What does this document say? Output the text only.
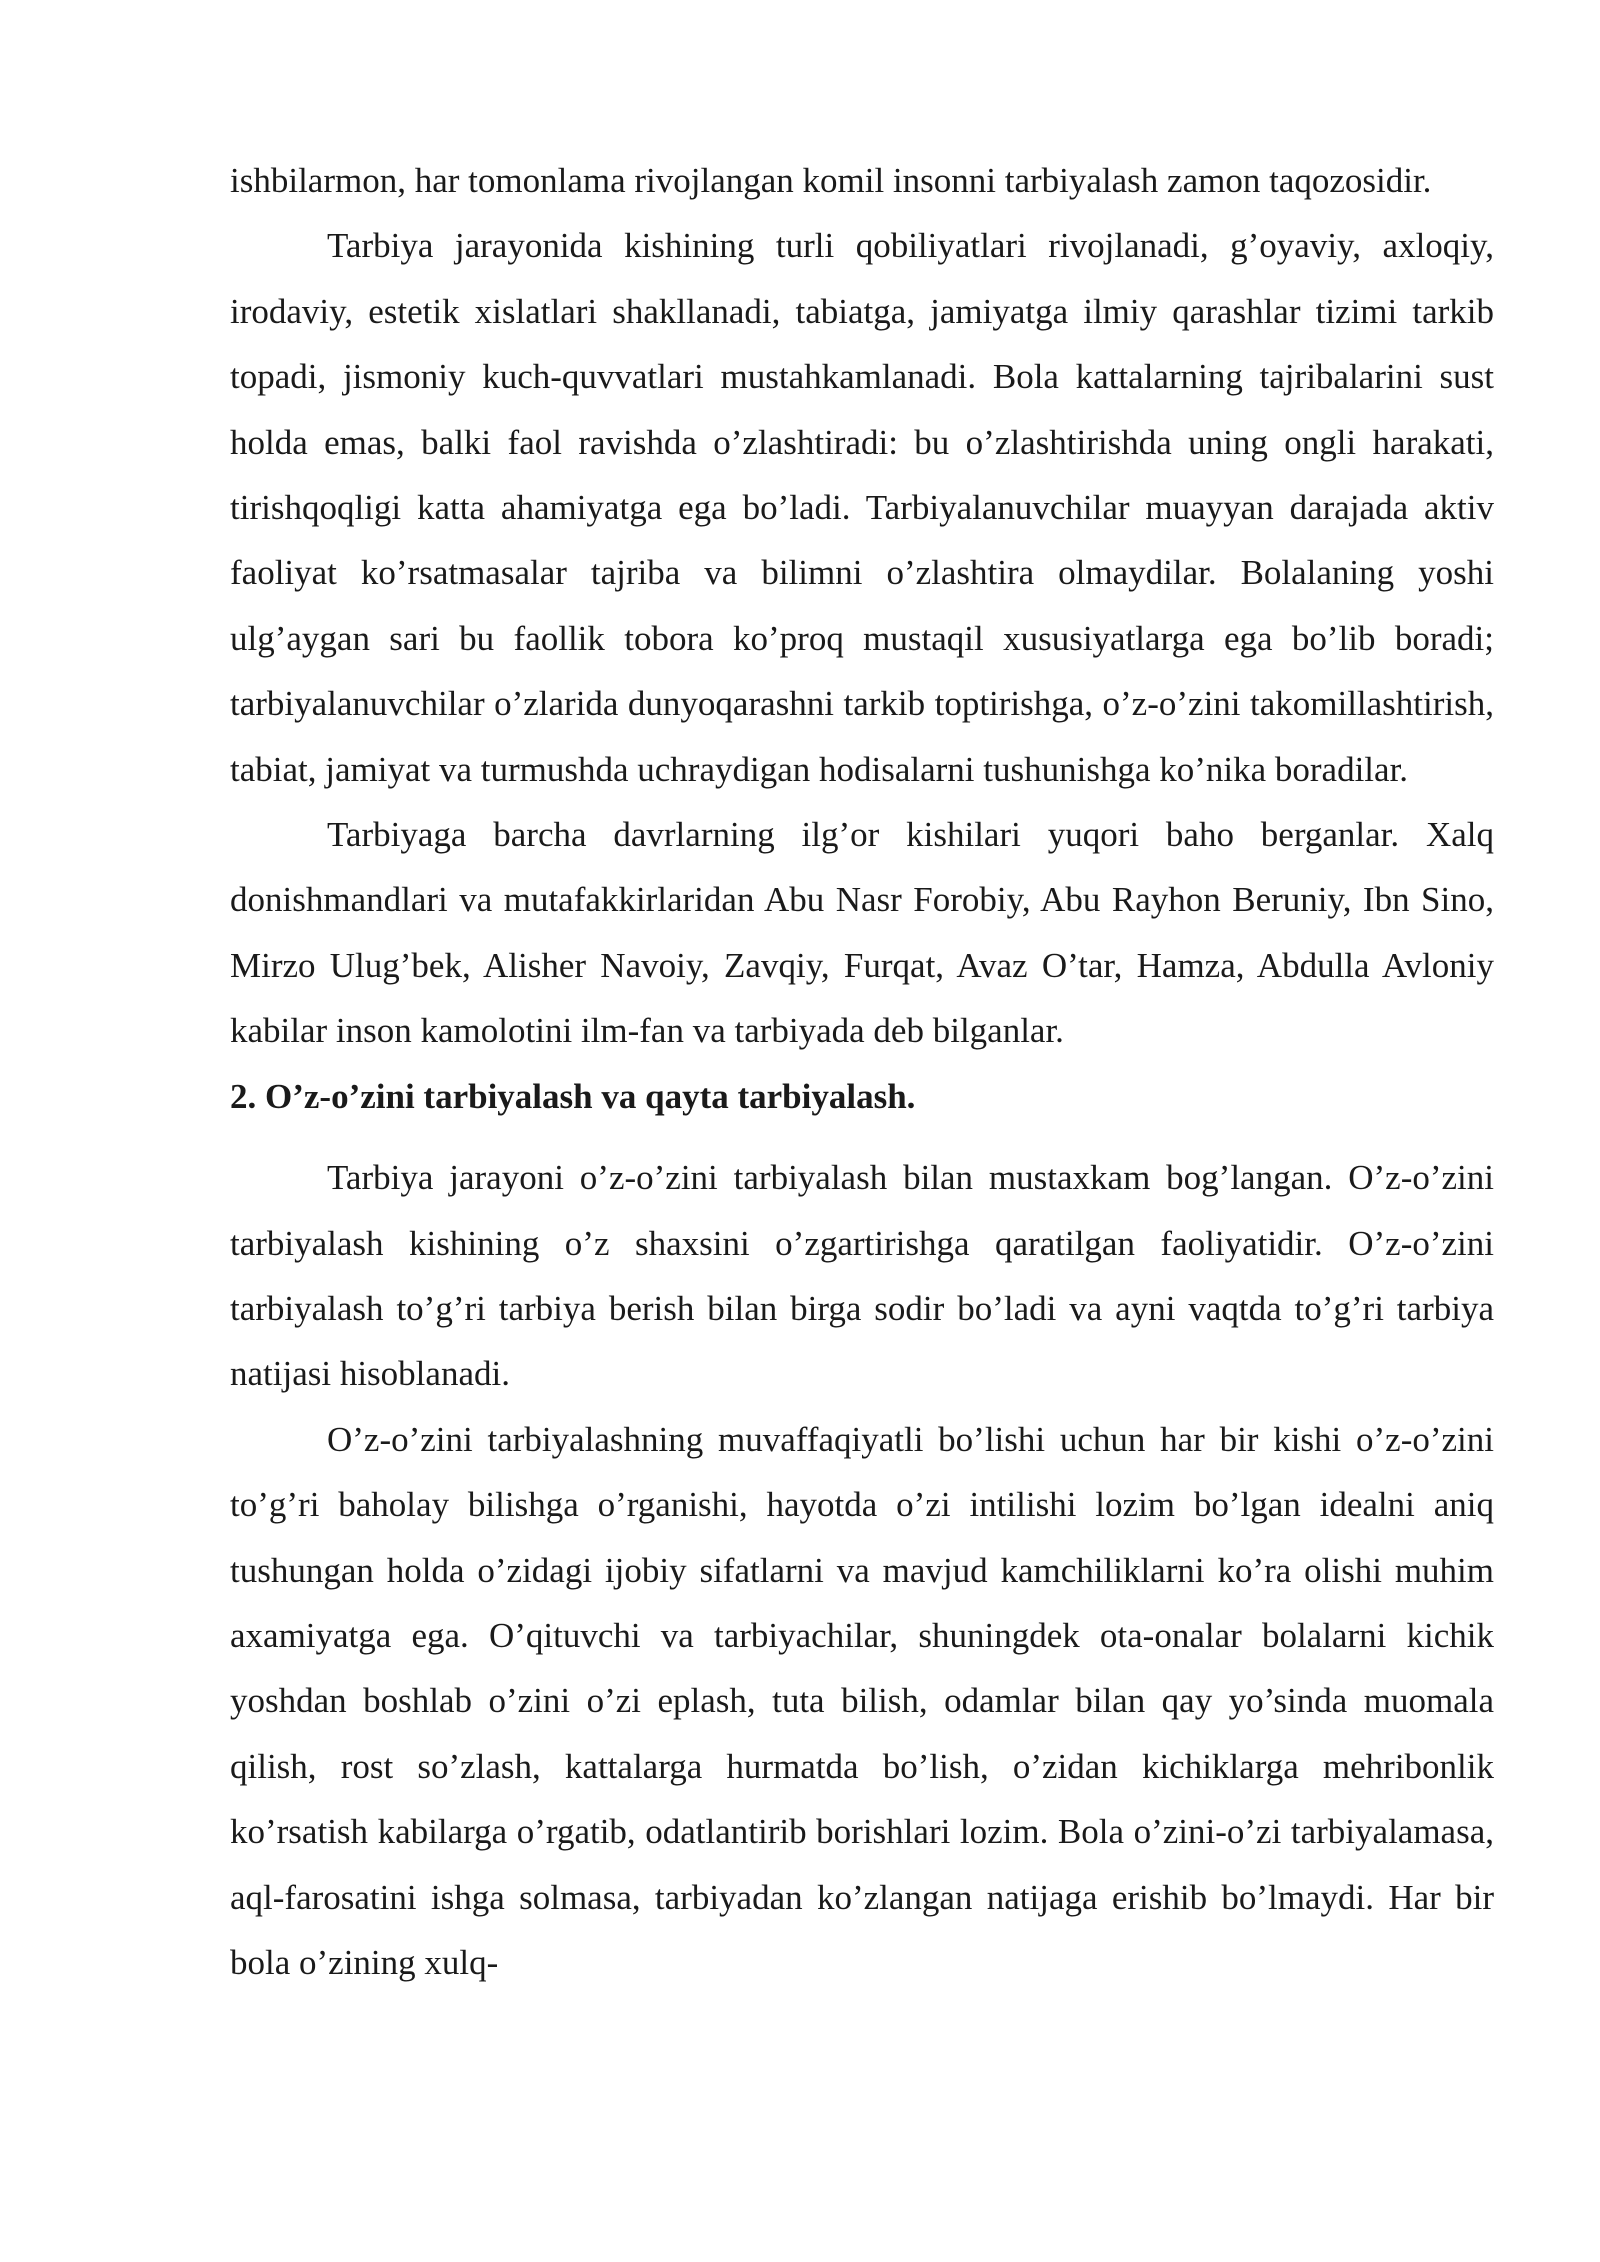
ishbilarmon, har tomonlama rivojlangan komil insonni tarbiyalash zamon taqozosidir.

Tarbiya jarayonida kishining turli qobiliyatlari rivojlanadi, g’oyaviy, axloqiy, irodaviy, estetik xislatlari shakllanadi, tabiatga, jamiyatga ilmiy qarashlar tizimi tarkib topadi, jismoniy kuch-quvvatlari mustahkamlanadi. Bola kattalarning tajribalarini sust holda emas, balki faol ravishda o’zlashtiradi: bu o’zlashtirishda uning ongli harakati, tirishqoqligi katta ahamiyatga ega bo’ladi. Tarbiyalanuvchilar muayyan darajada aktiv faoliyat ko’rsatmasalar tajriba va bilimni o’zlashtira olmaydilar. Bolalaning yoshi ulg’aygan sari bu faollik tobora ko’proq mustaqil xususiyatlarga ega bo’lib boradi; tarbiyalanuvchilar o’zlarida dunyoqarashni tarkib toptirishga, o’z-o’zini takomillashtirish, tabiat, jamiyat va turmushda uchraydigan hodisalarni tushunishga ko’nika boradilar.

Tarbiyaga barcha davrlarning ilg’or kishilari yuqori baho berganlar. Xalq donishmandlari va mutafakkirlaridan Abu Nasr Forobiy, Abu Rayhon Beruniy, Ibn Sino, Mirzo Ulug’bek, Alisher Navoiy, Zavqiy, Furqat, Avaz O’tar, Hamza, Abdulla Avloniy kabilar inson kamolotini ilm-fan va tarbiyada deb bilganlar.

2. O’z-o’zini tarbiyalash va qayta tarbiyalash.

Tarbiya jarayoni o’z-o’zini tarbiyalash bilan mustaxkam bog’langan. O’z-o’zini tarbiyalash kishining o’z shaxsini o’zgartirishga qaratilgan faoliyatidir. O’z-o’zini tarbiyalash to’g’ri tarbiya berish bilan birga sodir bo’ladi va ayni vaqtda to’g’ri tarbiya natijasi hisoblanadi.

O’z-o’zini tarbiyalashning muvaffaqiyatli bo’lishi uchun har bir kishi o’z-o’zini to’g’ri baholay bilishga o’rganishi, hayotda o’zi intilishi lozim bo’lgan idealni aniq tushungan holda o’zidagi ijobiy sifatlarni va mavjud kamchiliklarni ko’ra olishi muhim axamiyatga ega. O’qituvchi va tarbiyachilar, shuningdek ota-onalar bolalarni kichik yoshdan boshlab o’zini o’zi eplash, tuta bilish, odamlar bilan qay yo’sinda muomala qilish, rost so’zlash, kattalarga hurmatda bo’lish, o’zidan kichiklarga mehribonlik ko’rsatish kabilarga o’rgatib, odatlantirib borishlari lozim. Bola o’zini-o’zi tarbiyalamasa, aql-farosatini ishga solmasa, tarbiyadan ko’zlangan natijaga erishib bo’lmaydi. Har bir bola o’zining xulq-
